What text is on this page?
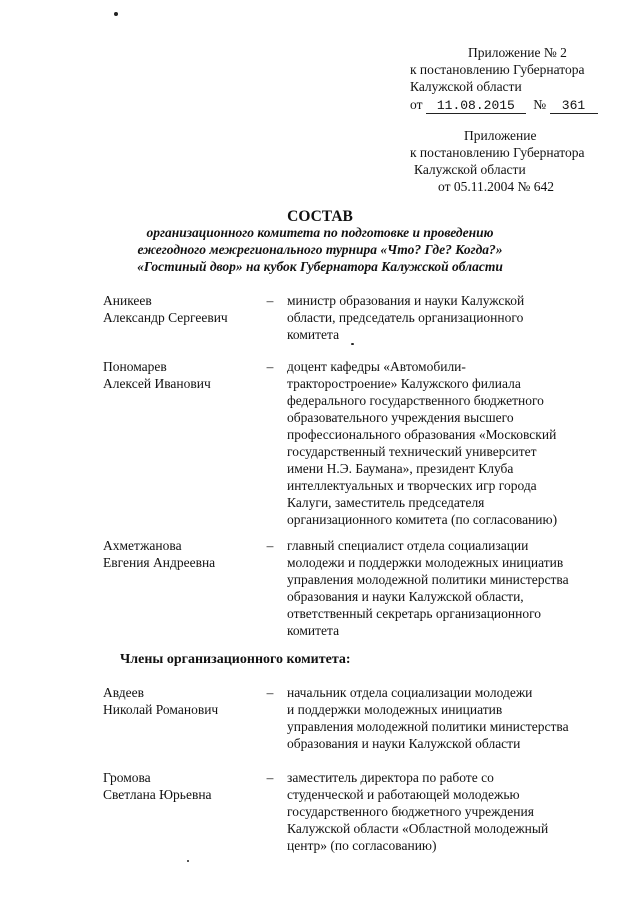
Приложение № 2
к постановлению Губернатора
Калужской области
от 11.08.2015 № 361
Приложение
к постановлению Губернатора
Калужской области
от 05.11.2004 № 642
СОСТАВ
организационного комитета по подготовке и проведению
ежегодного межрегионального турнира «Что? Где? Когда?»
«Гостиный двор» на кубок Губернатора Калужской области
Аникеев
Александр Сергеевич
– министр образования и науки Калужской
области, председатель организационного
комитета
Пономарев
Алексей Иванович
– доцент кафедры «Автомобили-
тракторостроение» Калужского филиала
федерального государственного бюджетного
образовательного учреждения высшего
профессионального образования «Московский
государственный технический университет
имени Н.Э. Баумана», президент Клуба
интеллектуальных и творческих игр города
Калуги, заместитель председателя
организационного комитета (по согласованию)
Ахметжанова
Евгения Андреевна
– главный специалист отдела социализации
молодежи и поддержки молодежных инициатив
управления молодежной политики министерства
образования и науки Калужской области,
ответственный секретарь организационного
комитета
Члены организационного комитета:
Авдеев
Николай Романович
– начальник отдела социализации молодежи
и поддержки молодежных инициатив
управления молодежной политики министерства
образования и науки Калужской области
Громова
Светлана Юрьевна
– заместитель директора по работе со
студенческой и работающей молодежью
государственного бюджетного учреждения
Калужской области «Областной молодежный
центр» (по согласованию)
